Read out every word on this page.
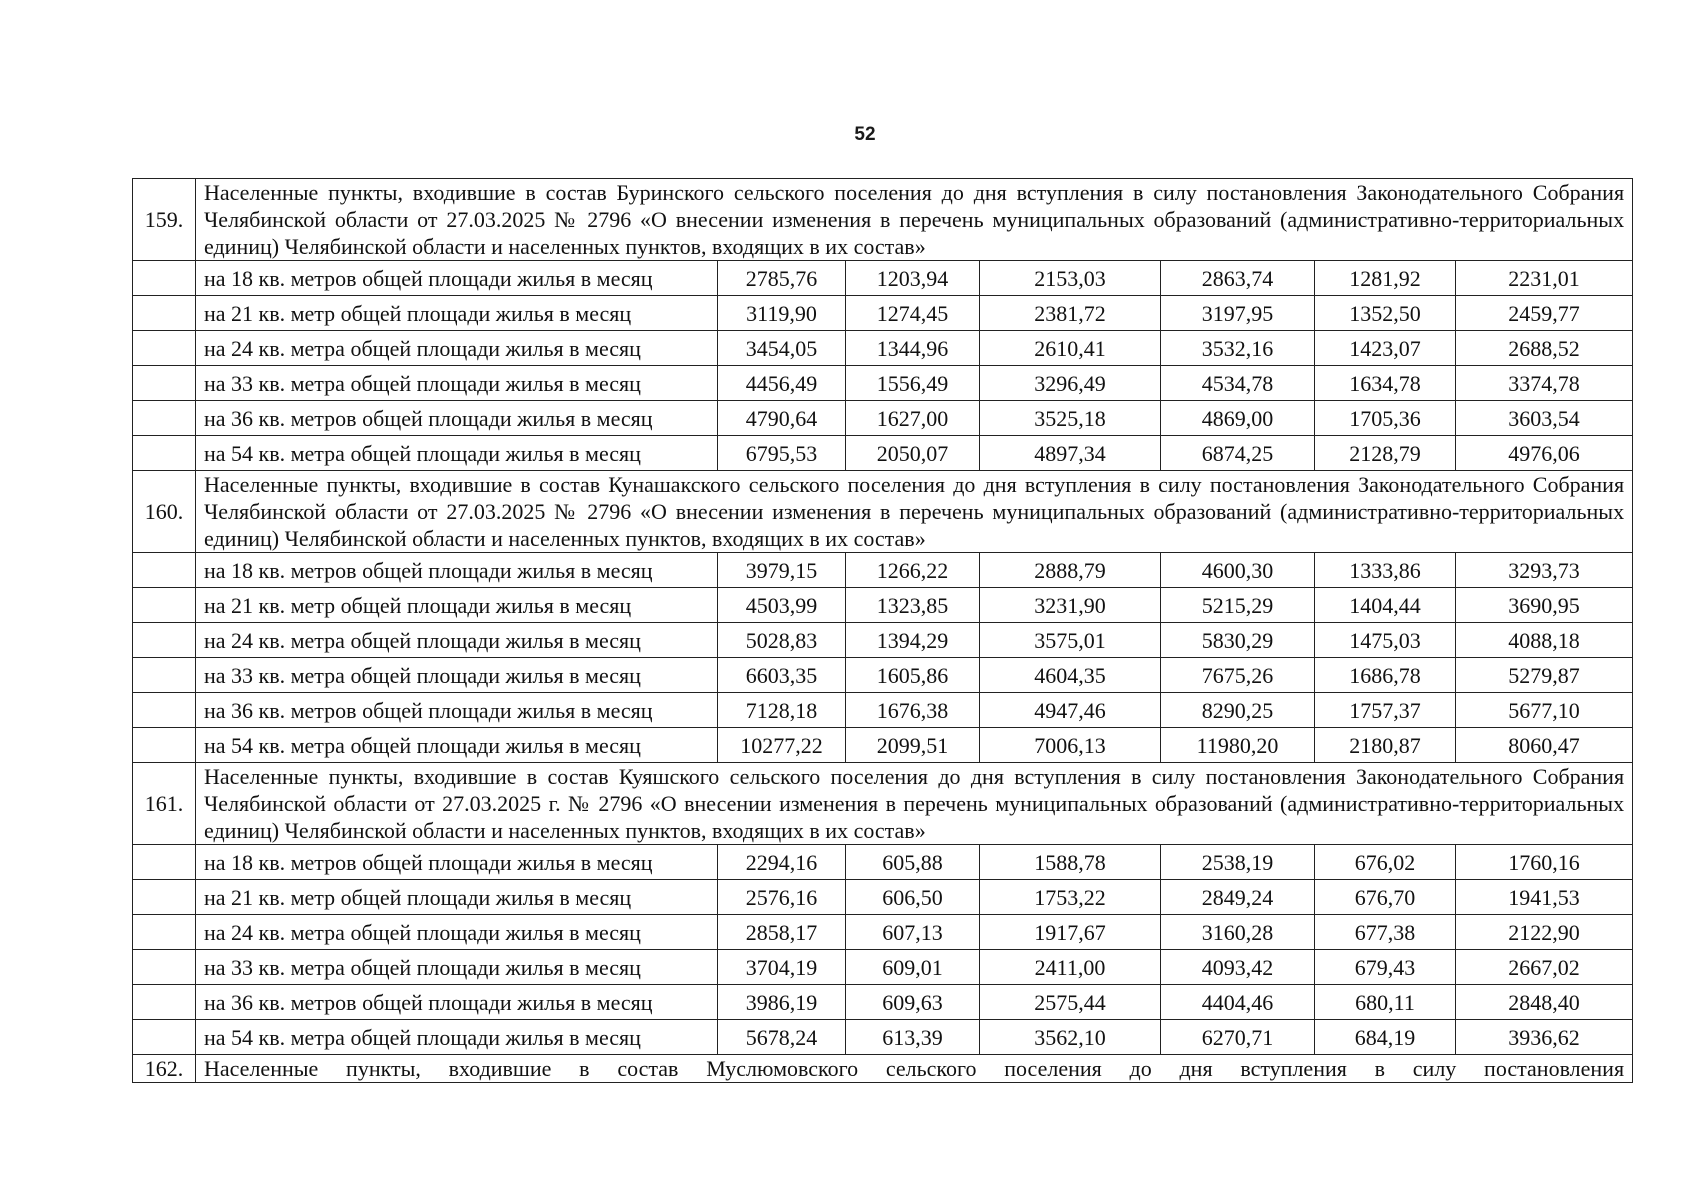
52
159.	Населенные пункты, входившие в состав Буринского сельского поселения до дня вступления в силу постановления Законодательного Собрания Челябинской области от 27.03.2025 № 2796 «О внесении изменения в перечень муниципальных образований (административно-территориальных единиц) Челябинской области и населенных пунктов, входящих в их состав»						
	на 18 кв. метров общей площади жилья в месяц	2785,76	1203,94	2153,03	2863,74	1281,92	2231,01
	на 21 кв. метр общей площади жилья в месяц	3119,90	1274,45	2381,72	3197,95	1352,50	2459,77
	на 24 кв. метра общей площади жилья в месяц	3454,05	1344,96	2610,41	3532,16	1423,07	2688,52
	на 33 кв. метра общей площади жилья в месяц	4456,49	1556,49	3296,49	4534,78	1634,78	3374,78
	на 36 кв. метров общей площади жилья в месяц	4790,64	1627,00	3525,18	4869,00	1705,36	3603,54
	на 54 кв. метра общей площади жилья в месяц	6795,53	2050,07	4897,34	6874,25	2128,79	4976,06
160.	Населенные пункты, входившие в состав Кунашакского сельского поселения до дня вступления в силу постановления Законодательного Собрания Челябинской области от 27.03.2025 № 2796 «О внесении изменения в перечень муниципальных образований (административно-территориальных единиц) Челябинской области и населенных пунктов, входящих в их состав»						
	на 18 кв. метров общей площади жилья в месяц	3979,15	1266,22	2888,79	4600,30	1333,86	3293,73
	на 21 кв. метр общей площади жилья в месяц	4503,99	1323,85	3231,90	5215,29	1404,44	3690,95
	на 24 кв. метра общей площади жилья в месяц	5028,83	1394,29	3575,01	5830,29	1475,03	4088,18
	на 33 кв. метра общей площади жилья в месяц	6603,35	1605,86	4604,35	7675,26	1686,78	5279,87
	на 36 кв. метров общей площади жилья в месяц	7128,18	1676,38	4947,46	8290,25	1757,37	5677,10
	на 54 кв. метра общей площади жилья в месяц	10277,22	2099,51	7006,13	11980,20	2180,87	8060,47
161.	Населенные пункты, входившие в состав Куяшского сельского поселения до дня вступления в силу постановления Законодательного Собрания Челябинской области от 27.03.2025 г. № 2796 «О внесении изменения в перечень муниципальных образований (административно-территориальных единиц) Челябинской области и населенных пунктов, входящих в их состав»						
	на 18 кв. метров общей площади жилья в месяц	2294,16	605,88	1588,78	2538,19	676,02	1760,16
	на 21 кв. метр общей площади жилья в месяц	2576,16	606,50	1753,22	2849,24	676,70	1941,53
	на 24 кв. метра общей площади жилья в месяц	2858,17	607,13	1917,67	3160,28	677,38	2122,90
	на 33 кв. метра общей площади жилья в месяц	3704,19	609,01	2411,00	4093,42	679,43	2667,02
	на 36 кв. метров общей площади жилья в месяц	3986,19	609,63	2575,44	4404,46	680,11	2848,40
	на 54 кв. метра общей площади жилья в месяц	5678,24	613,39	3562,10	6270,71	684,19	3936,62
162.	Населенные пункты, входившие в состав Муслюмовского сельского поселения до дня вступления в силу постановления						
